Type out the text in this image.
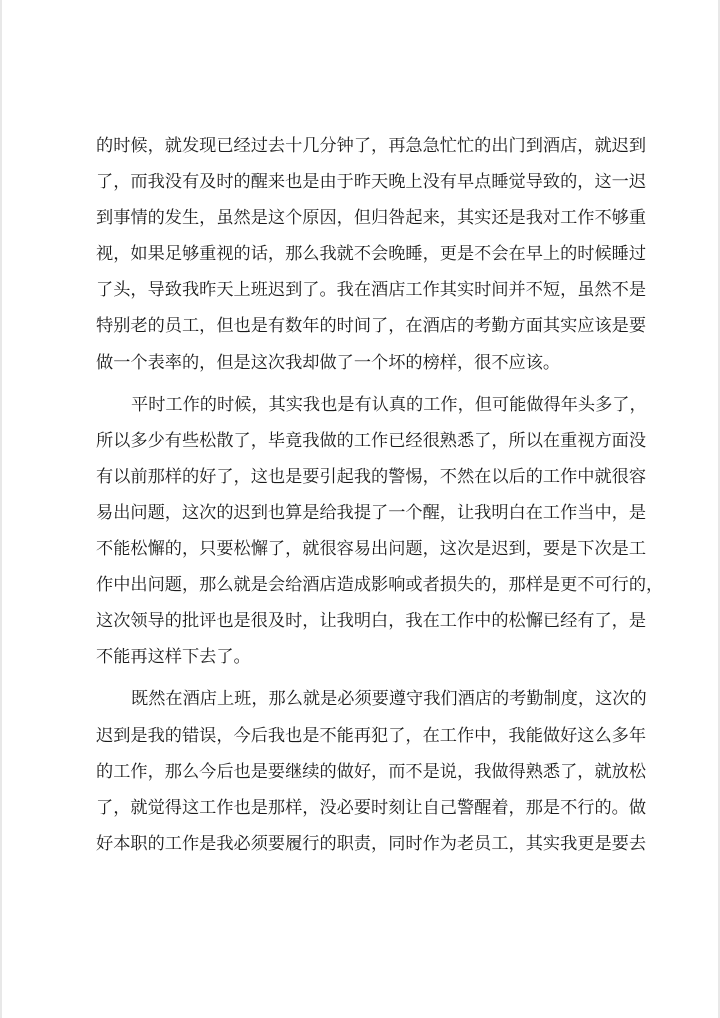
的时候，就发现已经过去十几分钟了，再急急忙忙的出门到酒店，就迟到
了，而我没有及时的醒来也是由于昨天晚上没有早点睡觉导致的，这一迟
到事情的发生，虽然是这个原因，但归咎起来，其实还是我对工作不够重
视，如果足够重视的话，那么我就不会晚睡，更是不会在早上的时候睡过
了头，导致我昨天上班迟到了。我在酒店工作其实时间并不短，虽然不是
特别老的员工，但也是有数年的时间了，在酒店的考勤方面其实应该是要
做一个表率的，但是这次我却做了一个坏的榜样，很不应该。
平时工作的时候，其实我也是有认真的工作，但可能做得年头多了，
所以多少有些松散了，毕竟我做的工作已经很熟悉了，所以在重视方面没
有以前那样的好了，这也是要引起我的警惕，不然在以后的工作中就很容
易出问题，这次的迟到也算是给我提了一个醒，让我明白在工作当中，是
不能松懈的，只要松懈了，就很容易出问题，这次是迟到，要是下次是工
作中出问题，那么就是会给酒店造成影响或者损失的，那样是更不可行的，
这次领导的批评也是很及时，让我明白，我在工作中的松懈已经有了，是
不能再这样下去了。
既然在酒店上班，那么就是必须要遵守我们酒店的考勤制度，这次的
迟到是我的错误，今后我也是不能再犯了，在工作中，我能做好这么多年
的工作，那么今后也是要继续的做好，而不是说，我做得熟悉了，就放松
了，就觉得这工作也是那样，没必要时刻让自己警醒着，那是不行的。做
好本职的工作是我必须要履行的职责，同时作为老员工，其实我更是要去
